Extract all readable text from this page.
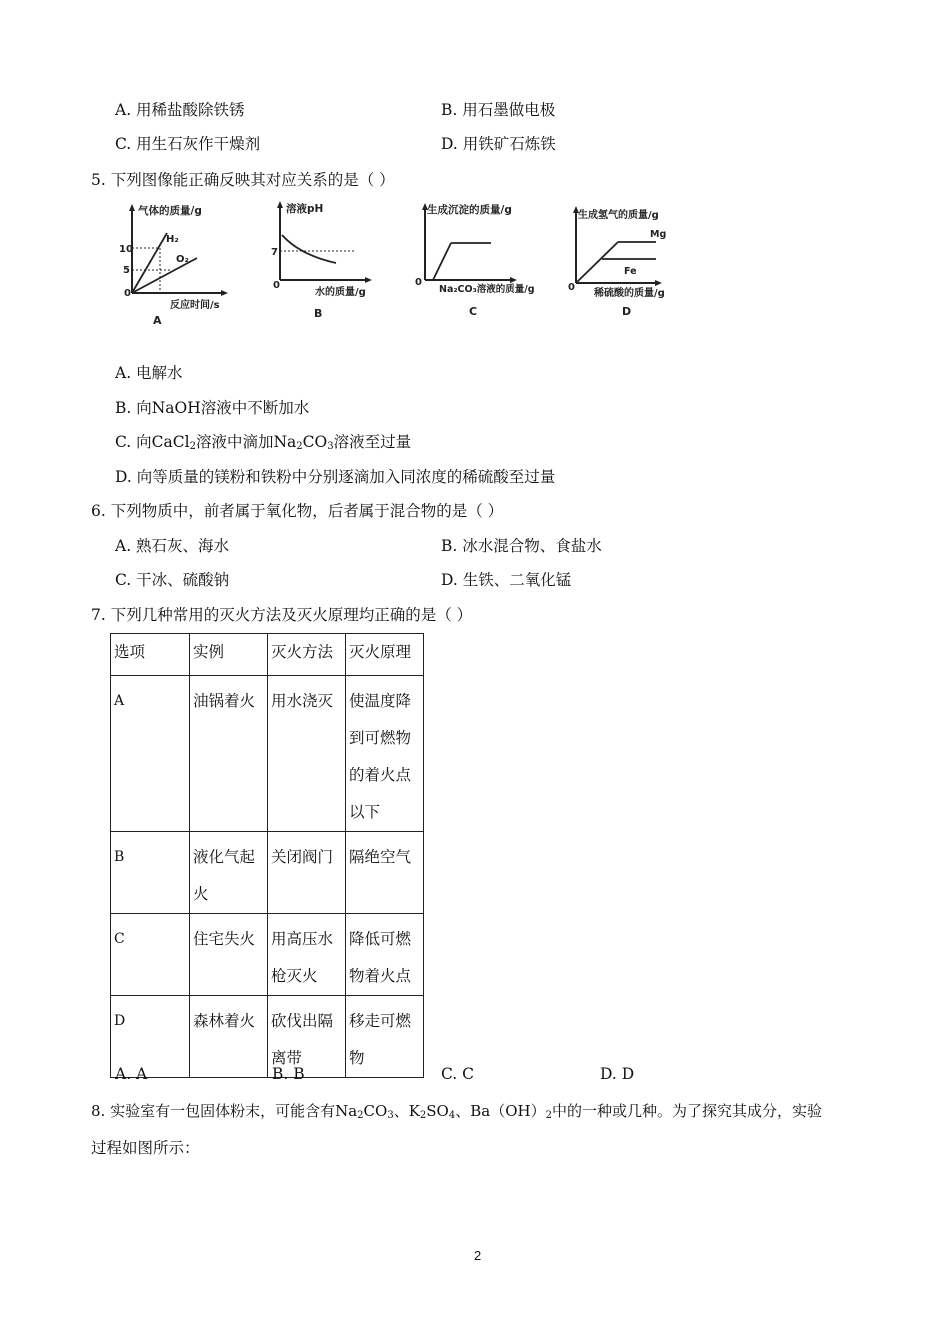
A. 用稀盐酸除铁锈	B. 用石墨做电极
C. 用生石灰作干燥剂	D. 用铁矿石炼铁
5. 下列图像能正确反映其对应关系的是（ ）
气体的质量/g
10
5
0
H₂
O₂
反应时间/s
A
溶液pH
7
0
水的质量/g
B
生成沉淀的质量/g
0
Na₂CO₃溶液的质量/g
C
生成氢气的质量/g
Mg
Fe
0
稀硫酸的质量/g
D
A. 电解水
B. 向NaOH溶液中不断加水
C. 向CaCl$_2$溶液中滴加$Na_2CO_3$溶液至过量
D. 向等质量的镁粉和铁粉中分别逐滴加入同浓度的稀硫酸至过量
6. 下列物质中，前者属于氧化物，后者属于混合物的是（ ）
A. 熟石灰、海水	B. 冰水混合物、食盐水
C. 干冰、硫酸钠	D. 生铁、二氧化锰
7. 下列几种常用的灭火方法及灭火原理均正确的是（ ）
选项	实例	灭火方法	灭火原理
A	油锅着火	用水浇灭	使温度降到可燃物的着火点以下
B	液化气起火	关闭阀门	隔绝空气
C	住宅失火	用高压水枪灭火	降低可燃物着火点
D	森林着火	砍伐出隔离带	移走可燃物
A. A	B. B	C. C	D. D
8. 实验室有一包固体粉末，可能含有$Na_2CO_3$、$K_2SO_4$、$Ba(OH)_2$中的一种或几种。为了探究其成分，实验
过程如图所示：
2
